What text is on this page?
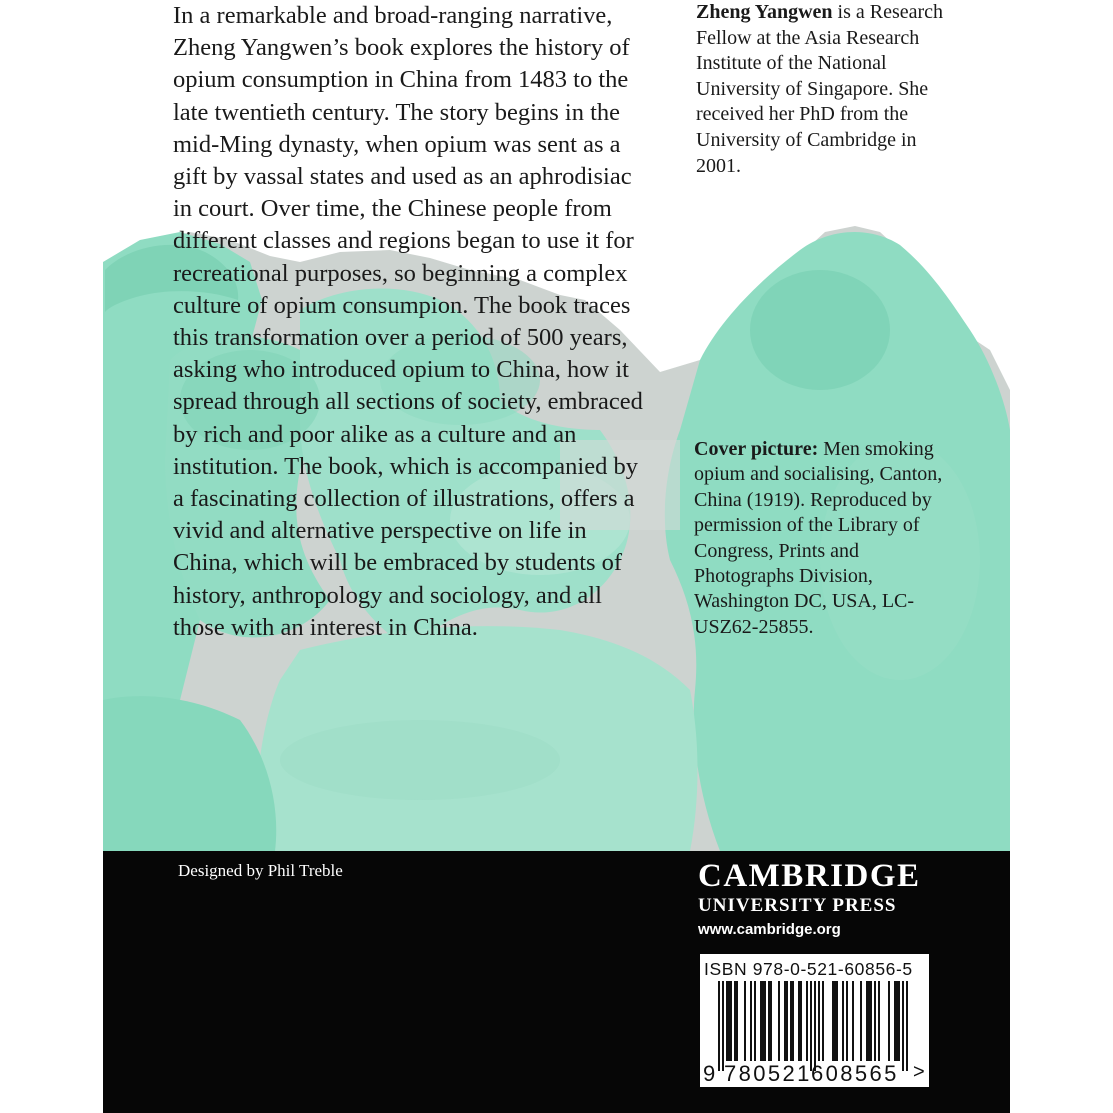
In a remarkable and broad-ranging narrative,
Zheng Yangwen’s book explores the history of
opium consumption in China from 1483 to the
late twentieth century. The story begins in the
mid-Ming dynasty, when opium was sent as a
gift by vassal states and used as an aphrodisiac
in court. Over time, the Chinese people from
different classes and regions began to use it for
recreational purposes, so beginning a complex
culture of opium consumpion. The book traces
this transformation over a period of 500 years,
asking who introduced opium to China, how it
spread through all sections of society, embraced
by rich and poor alike as a culture and an
institution. The book, which is accompanied by
a fascinating collection of illustrations, offers a
vivid and alternative perspective on life in
China, which will be embraced by students of
history, anthropology and sociology, and all
those with an interest in China.

Zheng Yangwen is a Research
Fellow at the Asia Research
Institute of the National
University of Singapore. She
received her PhD from the
University of Cambridge in
2001.

Cover picture: Men smoking
opium and socialising, Canton,
China (1919). Reproduced by
permission of the Library of
Congress, Prints and
Photographs Division,
Washington DC, USA, LC-
USZ62-25855.

Designed by Phil Treble	CAMBRIDGE
UNIVERSITY PRESS
www.cambridge.org
ISBN 978-0-521-60856-5
9 780521 608565 >
